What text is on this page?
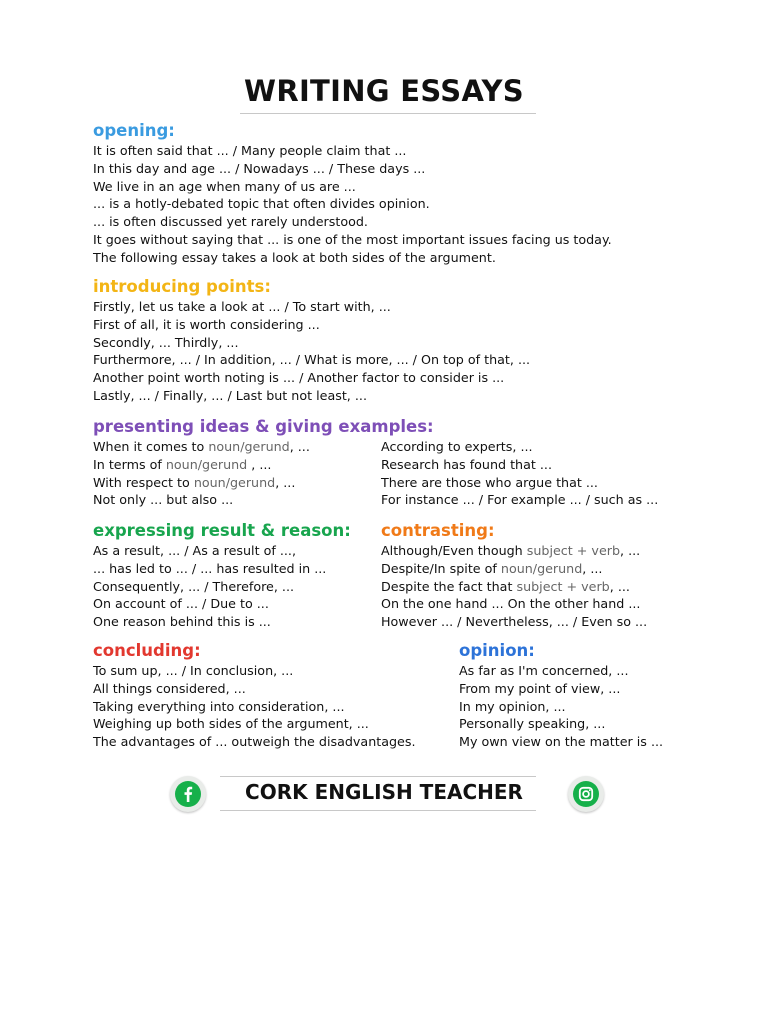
WRITING ESSAYS
opening:
It is often said that ... / Many people claim that ...
In this day and age ... / Nowadays ... / These days ...
We live in an age when many of us are ...
... is a hotly-debated topic that often divides opinion.
... is often discussed yet rarely understood.
It goes without saying that ... is one of the most important issues facing us today.
The following essay takes a look at both sides of the argument.
introducing points:
Firstly, let us take a look at ... / To start with, ...
First of all, it is worth considering ...
Secondly, ... Thirdly, ...
Furthermore, ... / In addition, ... / What is more, ... / On top of that, ...
Another point worth noting is ... / Another factor to consider is ...
Lastly, ... / Finally, ... / Last but not least, ...
presenting ideas & giving examples:
When it comes to noun/gerund, ...
In terms of noun/gerund , ...
With respect to noun/gerund, ...
Not only ... but also ...
According to experts, ...
Research has found that ...
There are those who argue that ...
For instance ... / For example ... / such as ...
expressing result & reason:
As a result, ... / As a result of ...,
... has led to ... / ... has resulted in ...
Consequently, ... / Therefore, ...
On account of ... / Due to ...
One reason behind this is ...
contrasting:
Although/Even though subject + verb, ...
Despite/In spite of noun/gerund, ...
Despite the fact that subject + verb, ...
On the one hand ... On the other hand ...
However ... / Nevertheless, ... / Even so ...
concluding:
To sum up, ... / In conclusion, ...
All things considered, ...
Taking everything into consideration, ...
Weighing up both sides of the argument, ...
The advantages of ... outweigh the disadvantages.
opinion:
As far as I'm concerned, ...
From my point of view, ...
In my opinion, ...
Personally speaking, ...
My own view on the matter is ...
CORK ENGLISH TEACHER
